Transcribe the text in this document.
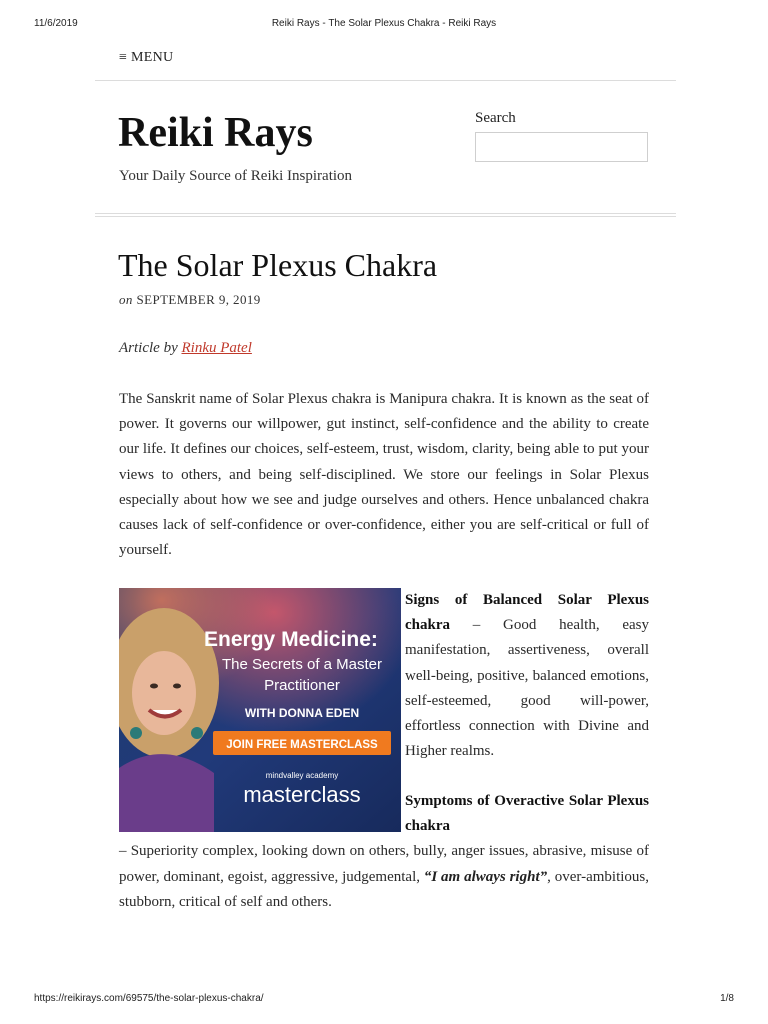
11/6/2019	Reiki Rays - The Solar Plexus Chakra - Reiki Rays
≡ MENU
Reiki Rays
Your Daily Source of Reiki Inspiration
Search
The Solar Plexus Chakra
on SEPTEMBER 9, 2019
Article by Rinku Patel

The Sanskrit name of Solar Plexus chakra is Manipura chakra. It is known as the seat of power. It governs our willpower, gut instinct, self-confidence and the ability to create our life. It defines our choices, self-esteem, trust, wisdom, clarity, being able to put your views to others, and being self-disciplined. We store our feelings in Solar Plexus especially about how we see and judge ourselves and others. Hence unbalanced chakra causes lack of self-confidence or over-confidence, either you are self-critical or full of yourself.

Energy Medicine:
The Secrets of a Master
Practitioner
WITH DONNA EDEN
JOIN FREE MASTERCLASS
mindvalley academy
masterclass

Signs of Balanced Solar Plexus chakra – Good health, easy manifestation, assertiveness, overall well-being, positive, balanced emotions, self-esteemed, good will-power, effortless connection with Divine and Higher realms.

Symptoms of Overactive Solar Plexus chakra
– Superiority complex, looking down on others, bully, anger issues, abrasive, misuse of power, dominant, egoist, aggressive, judgemental, “I am always right”, over-ambitious, stubborn, critical of self and others.

https://reikirays.com/69575/the-solar-plexus-chakra/	1/8
